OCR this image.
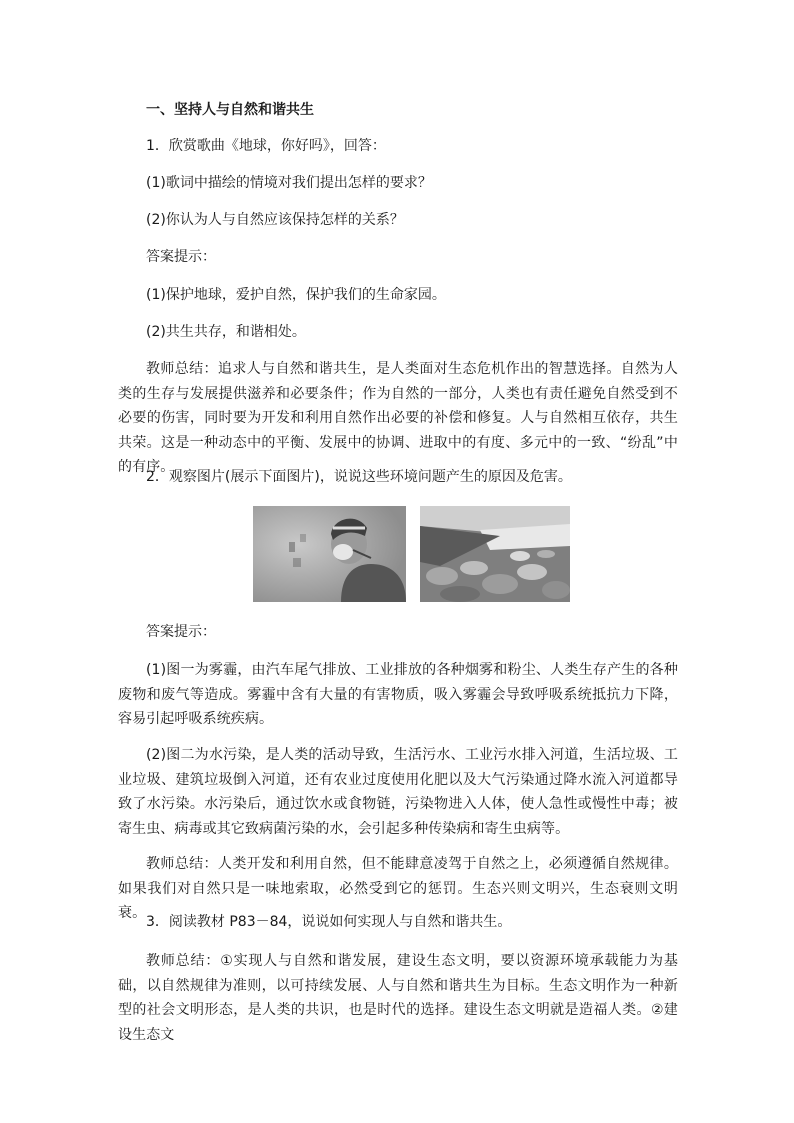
一、坚持人与自然和谐共生
1．欣赏歌曲《地球，你好吗》，回答：
(1)歌词中描绘的情境对我们提出怎样的要求？
(2)你认为人与自然应该保持怎样的关系？
答案提示：
(1)保护地球，爱护自然，保护我们的生命家园。
(2)共生共存，和谐相处。
教师总结：追求人与自然和谐共生，是人类面对生态危机作出的智慧选择。自然为人类的生存与发展提供滋养和必要条件；作为自然的一部分，人类也有责任避免自然受到不必要的伤害，同时要为开发和利用自然作出必要的补偿和修复。人与自然相互依存，共生共荣。这是一种动态中的平衡、发展中的协调、进取中的有度、多元中的一致、“纷乱”中的有序。
2．观察图片(展示下面图片)，说说这些环境问题产生的原因及危害。
答案提示：
(1)图一为雾霾，由汽车尾气排放、工业排放的各种烟雾和粉尘、人类生存产生的各种废物和废气等造成。雾霾中含有大量的有害物质，吸入雾霾会导致呼吸系统抵抗力下降，容易引起呼吸系统疾病。
(2)图二为水污染，是人类的活动导致，生活污水、工业污水排入河道，生活垃圾、工业垃圾、建筑垃圾倒入河道，还有农业过度使用化肥以及大气污染通过降水流入河道都导致了水污染。水污染后，通过饮水或食物链，污染物进入人体，使人急性或慢性中毒；被寄生虫、病毒或其它致病菌污染的水，会引起多种传染病和寄生虫病等。
教师总结：人类开发和利用自然，但不能肆意凌驾于自然之上，必须遵循自然规律。如果我们对自然只是一味地索取，必然受到它的惩罚。生态兴则文明兴，生态衰则文明衰。
3．阅读教材 P83－84，说说如何实现人与自然和谐共生。
教师总结：①实现人与自然和谐发展，建设生态文明，要以资源环境承载能力为基础，以自然规律为准则，以可持续发展、人与自然和谐共生为目标。生态文明作为一种新型的社会文明形态，是人类的共识，也是时代的选择。建设生态文明就是造福人类。②建设生态文
